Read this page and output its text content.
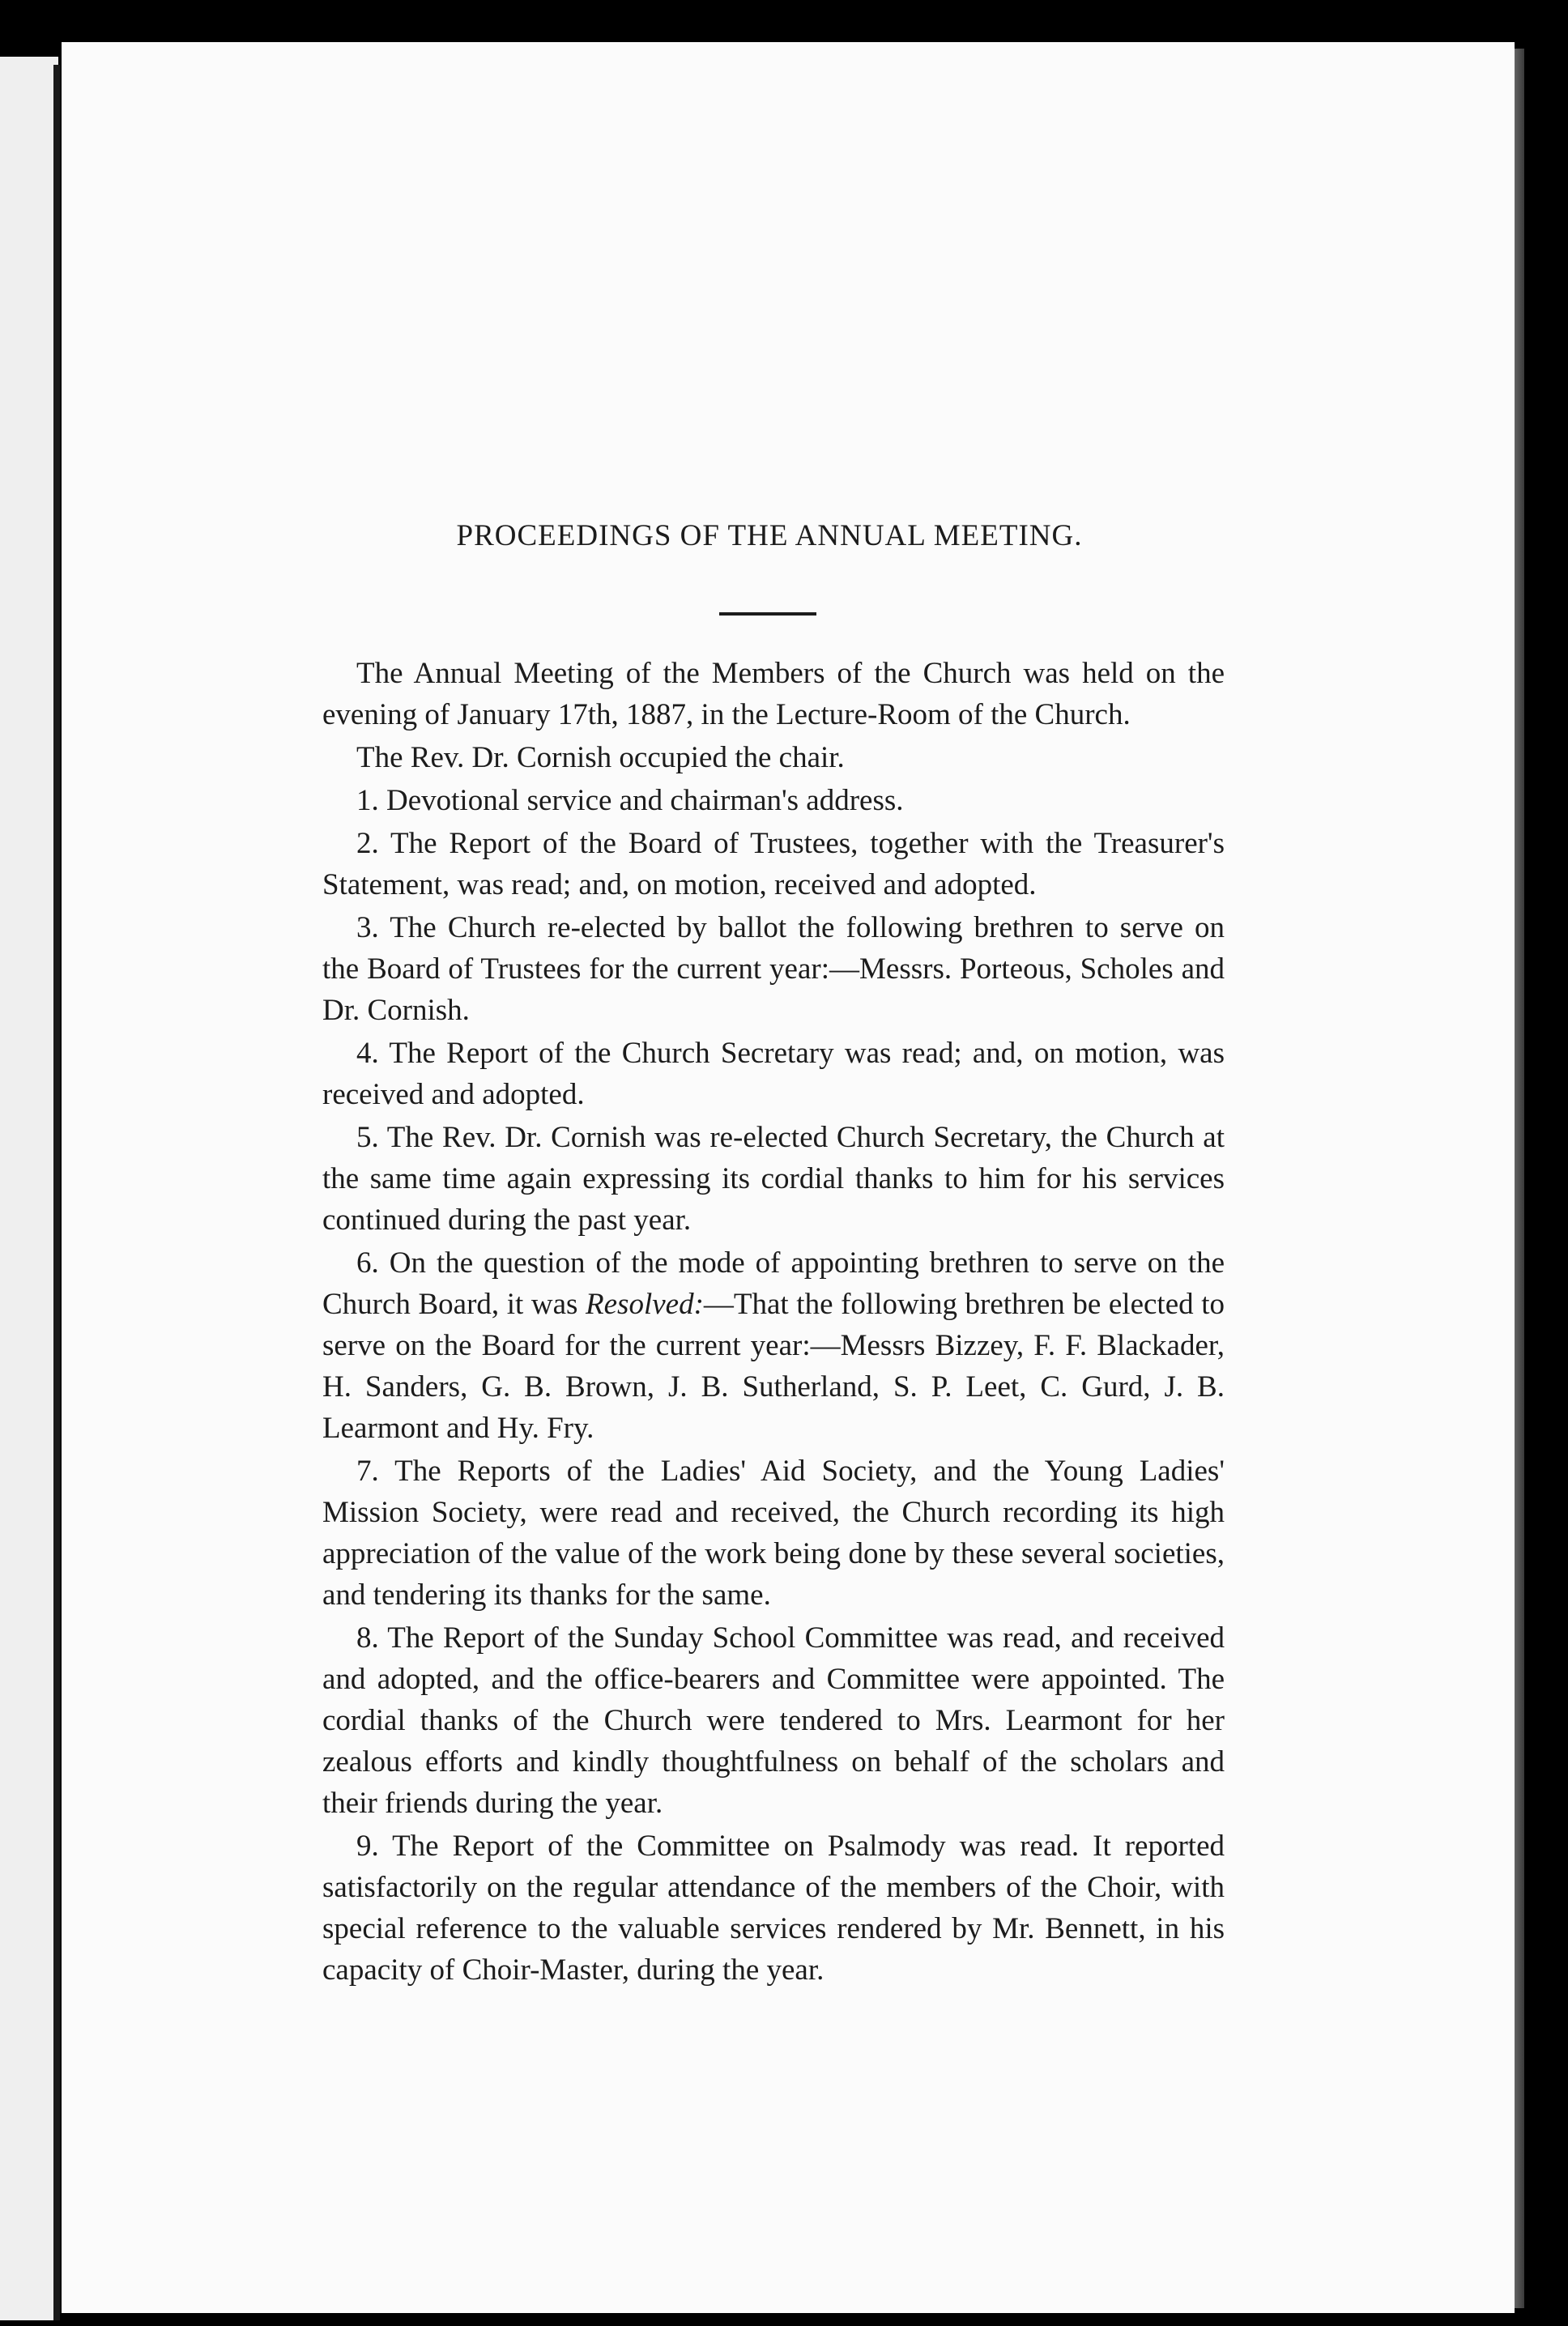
PROCEEDINGS OF THE ANNUAL MEETING.

The Annual Meeting of the Members of the Church was held on the evening of January 17th, 1887, in the Lecture-Room of the Church.

The Rev. Dr. Cornish occupied the chair.

1. Devotional service and chairman's address.

2. The Report of the Board of Trustees, together with the Treasurer's Statement, was read; and, on motion, received and adopted.

3. The Church re-elected by ballot the following brethren to serve on the Board of Trustees for the current year:—Messrs. Porteous, Scholes and Dr. Cornish.

4. The Report of the Church Secretary was read; and, on motion, was received and adopted.

5. The Rev. Dr. Cornish was re-elected Church Secretary, the Church at the same time again expressing its cordial thanks to him for his services continued during the past year.

6. On the question of the mode of appointing brethren to serve on the Church Board, it was Resolved:—That the following brethren be elected to serve on the Board for the current year:—Messrs Bizzey, F. F. Blackader, H. Sanders, G. B. Brown, J. B. Sutherland, S. P. Leet, C. Gurd, J. B. Learmont and Hy. Fry.

7. The Reports of the Ladies' Aid Society, and the Young Ladies' Mission Society, were read and received, the Church recording its high appreciation of the value of the work being done by these several societies, and tendering its thanks for the same.

8. The Report of the Sunday School Committee was read, and received and adopted, and the office-bearers and Committee were appointed. The cordial thanks of the Church were tendered to Mrs. Learmont for her zealous efforts and kindly thoughtfulness on behalf of the scholars and their friends during the year.

9. The Report of the Committee on Psalmody was read. It reported satisfactorily on the regular attendance of the members of the Choir, with special reference to the valuable services rendered by Mr. Bennett, in his capacity of Choir-Master, during the year.
